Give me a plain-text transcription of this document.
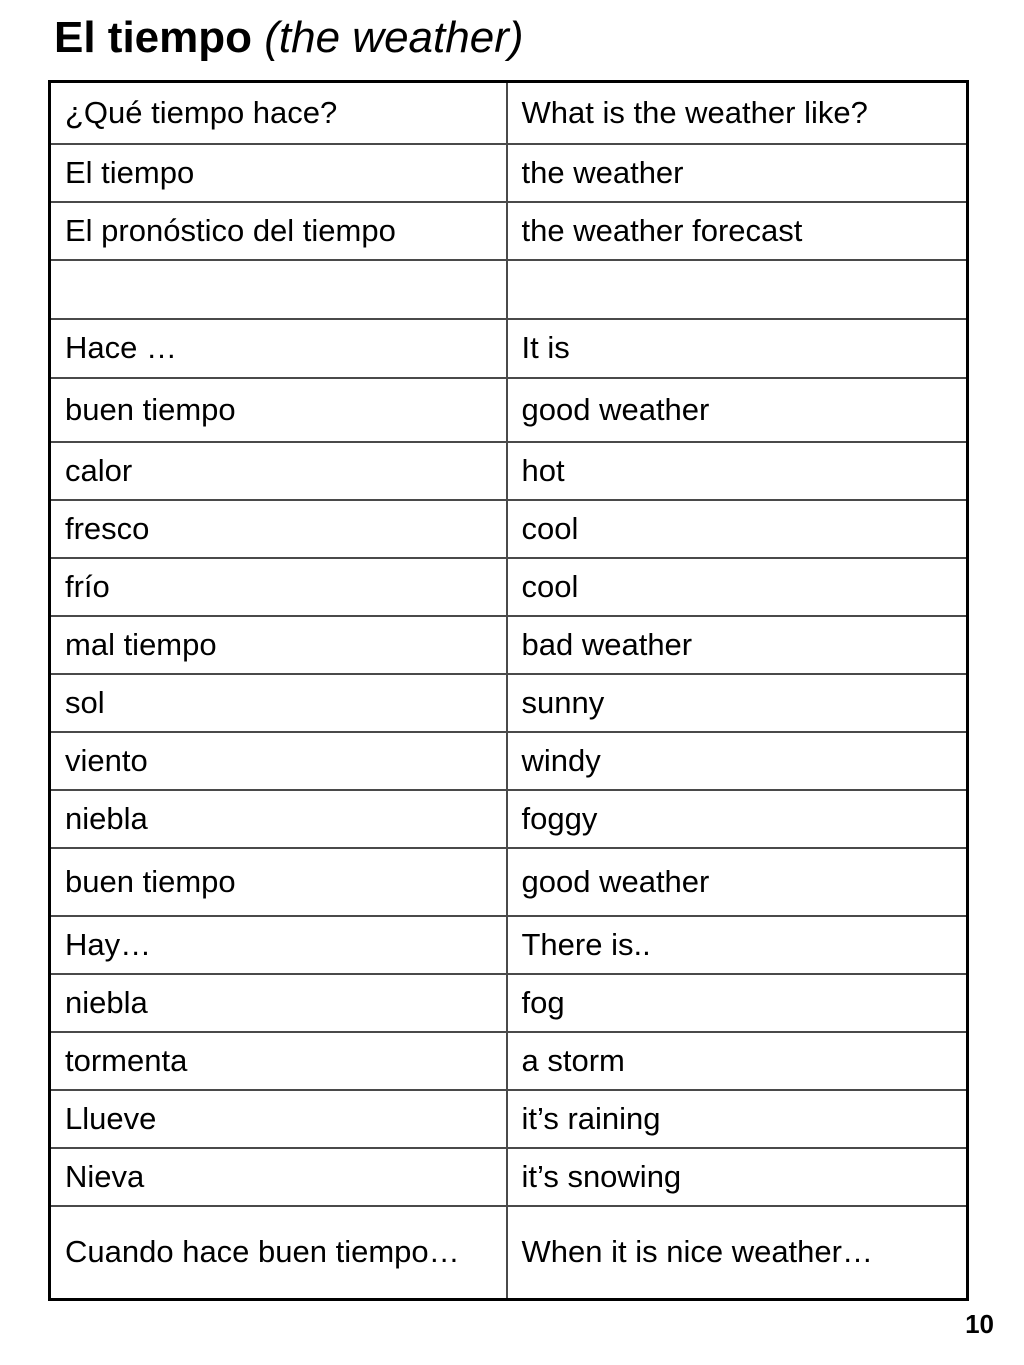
El tiempo (the weather)
¿Qué tiempo hace?	What is the weather like?
El tiempo	the weather
El pronóstico del tiempo	the weather forecast

Hace …	It is
buen tiempo	good weather
calor	hot
fresco	cool
frío	cool
mal tiempo	bad weather
sol	sunny
viento	windy
niebla	foggy
buen tiempo	good weather
Hay…	There is..
niebla	fog
tormenta	a storm
Llueve	it’s raining
Nieva	it’s snowing
Cuando hace buen tiempo…	When it is nice weather…
10
